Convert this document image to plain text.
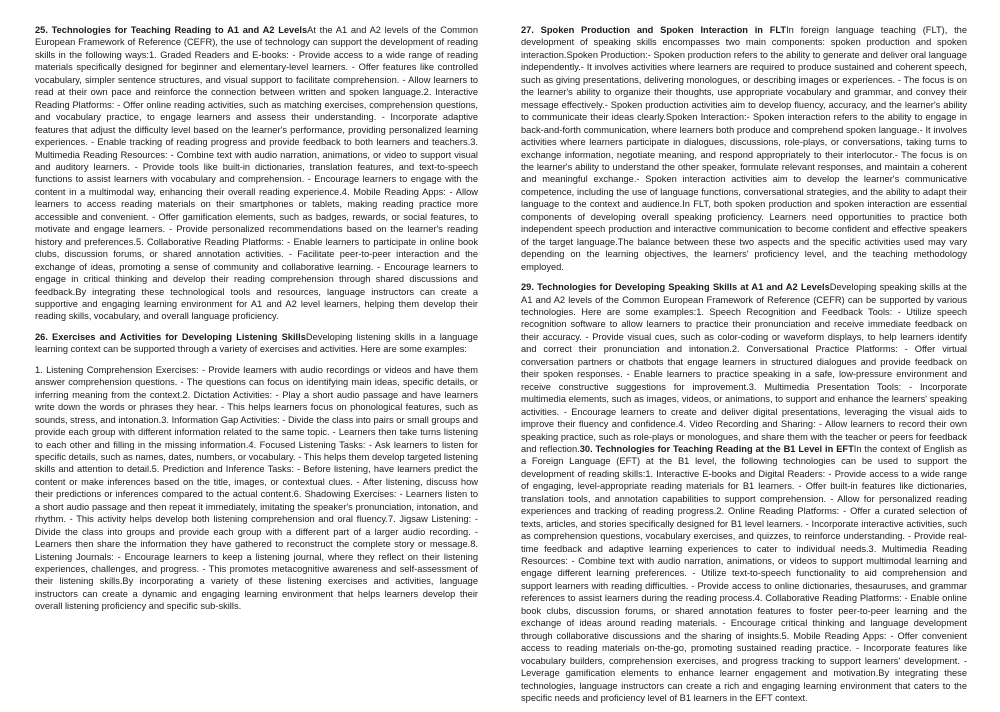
25. Technologies for Teaching Reading to A1 and A2 LevelsAt the A1 and A2 levels of the Common European Framework of Reference (CEFR), the use of technology can support the development of reading skills in the following ways:1. Graded Readers and E-books: - Provide access to a wide range of reading materials specifically designed for beginner and elementary-level learners. - Offer features like controlled vocabulary, simpler sentence structures, and visual support to facilitate comprehension. - Allow learners to read at their own pace and reinforce the connection between written and spoken language.2. Interactive Reading Platforms: - Offer online reading activities, such as matching exercises, comprehension questions, and vocabulary practice, to engage learners and assess their understanding. - Incorporate adaptive features that adjust the difficulty level based on the learner's performance, providing personalized learning experiences. - Enable tracking of reading progress and provide feedback to both learners and teachers.3. Multimedia Reading Resources: - Combine text with audio narration, animations, or video to support visual and auditory learners. - Provide tools like built-in dictionaries, translation features, and text-to-speech functions to assist learners with vocabulary and comprehension. - Encourage learners to engage with the content in a multimodal way, enhancing their overall reading experience.4. Mobile Reading Apps: - Allow learners to access reading materials on their smartphones or tablets, making reading practice more accessible and convenient. - Offer gamification elements, such as badges, rewards, or social features, to motivate and engage learners. - Provide personalized recommendations based on the learner's reading history and preferences.5. Collaborative Reading Platforms: - Enable learners to participate in online book clubs, discussion forums, or shared annotation activities. - Facilitate peer-to-peer interaction and the exchange of ideas, promoting a sense of community and collaborative learning. - Encourage learners to engage in critical thinking and develop their reading comprehension through shared discussions and feedback.By integrating these technological tools and resources, language instructors can create a supportive and engaging learning environment for A1 and A2 level learners, helping them develop their reading skills, vocabulary, and overall language proficiency.

26. Exercises and Activities for Developing Listening SkillsDeveloping listening skills in a language learning context can be supported through a variety of exercises and activities. Here are some examples:

1. Listening Comprehension Exercises: - Provide learners with audio recordings or videos and have them answer comprehension questions. - The questions can focus on identifying main ideas, specific details, or inferring meaning from the context.2. Dictation Activities: - Play a short audio passage and have learners write down the words or phrases they hear. - This helps learners focus on phonological features, such as sounds, stress, and intonation.3. Information Gap Activities: - Divide the class into pairs or small groups and provide each group with different information related to the same topic. - Learners then take turns listening to each other and filling in the missing information.4. Focused Listening Tasks: - Ask learners to listen for specific details, such as names, dates, numbers, or vocabulary. - This helps them develop targeted listening skills and attention to detail.5. Prediction and Inference Tasks: - Before listening, have learners predict the content or make inferences based on the title, images, or contextual clues. - After listening, discuss how their predictions or inferences compared to the actual content.6. Shadowing Exercises: - Learners listen to a short audio passage and then repeat it immediately, imitating the speaker's pronunciation, intonation, and rhythm. - This activity helps develop both listening comprehension and oral fluency.7. Jigsaw Listening: - Divide the class into groups and provide each group with a different part of a larger audio recording. - Learners then share the information they have gathered to reconstruct the complete story or message.8. Listening Journals: - Encourage learners to keep a listening journal, where they reflect on their listening experiences, challenges, and progress. - This promotes metacognitive awareness and self-assessment of their listening skills.By incorporating a variety of these listening exercises and activities, language instructors can create a dynamic and engaging learning environment that helps learners develop their overall listening proficiency and specific sub-skills.

27. Spoken Production and Spoken Interaction in FLTIn foreign language teaching (FLT), the development of speaking skills encompasses two main components: spoken production and spoken interaction.Spoken Production:- Spoken production refers to the ability to generate and deliver oral language independently.- It involves activities where learners are required to produce sustained and coherent speech, such as giving presentations, delivering monologues, or describing images or experiences. - The focus is on the learner's ability to organize their thoughts, use appropriate vocabulary and grammar, and convey their message effectively.- Spoken production activities aim to develop fluency, accuracy, and the learner's ability to communicate their ideas clearly.Spoken Interaction:- Spoken interaction refers to the ability to engage in back-and-forth communication, where learners both produce and comprehend spoken language.- It involves activities where learners participate in dialogues, discussions, role-plays, or conversations, taking turns to exchange information, negotiate meaning, and respond appropriately to their interlocutor.- The focus is on the learner's ability to understand the other speaker, formulate relevant responses, and maintain a coherent and meaningful exchange.- Spoken interaction activities aim to develop the learner's communicative competence, including the use of language functions, conversational strategies, and the ability to adapt their language to the context and audience.In FLT, both spoken production and spoken interaction are essential components of developing overall speaking proficiency. Learners need opportunities to practice both independent speech production and interactive communication to become confident and effective speakers of the target language.The balance between these two aspects and the specific activities used may vary depending on the learning objectives, the learners' proficiency level, and the teaching methodology employed.

29. Technologies for Developing Speaking Skills at A1 and A2 LevelsDeveloping speaking skills at the A1 and A2 levels of the Common European Framework of Reference (CEFR) can be supported by various technologies. Here are some examples:1. Speech Recognition and Feedback Tools: - Utilize speech recognition software to allow learners to practice their pronunciation and receive immediate feedback on their accuracy. - Provide visual cues, such as color-coding or waveform displays, to help learners identify and correct their pronunciation and intonation.2. Conversational Practice Platforms: - Offer virtual conversation partners or chatbots that engage learners in structured dialogues and provide feedback on their spoken responses. - Enable learners to practice speaking in a safe, low-pressure environment and receive constructive suggestions for improvement.3. Multimedia Presentation Tools: - Incorporate multimedia elements, such as images, videos, or animations, to support and enhance the learners' speaking activities. - Encourage learners to create and deliver digital presentations, leveraging the visual aids to improve their fluency and confidence.4. Video Recording and Sharing: - Allow learners to record their own speaking practice, such as role-plays or monologues, and share them with the teacher or peers for feedback and reflection.30. Technologies for Teaching Reading at the B1 Level in EFTIn the context of English as a Foreign Language (EFT) at the B1 level, the following technologies can be used to support the development of reading skills:1. Interactive E-books and Digital Readers: - Provide access to a wide range of engaging, level-appropriate reading materials for B1 learners. - Offer built-in features like dictionaries, translation tools, and annotation capabilities to support comprehension. - Allow for personalized reading experiences and tracking of reading progress.2. Online Reading Platforms: - Offer a curated selection of texts, articles, and stories specifically designed for B1 level learners. - Incorporate interactive activities, such as comprehension questions, vocabulary exercises, and quizzes, to reinforce understanding. - Provide real-time feedback and adaptive learning experiences to cater to individual needs.3. Multimedia Reading Resources: - Combine text with audio narration, animations, or videos to support multimodal learning and engage different learning preferences. - Utilize text-to-speech functionality to aid comprehension and support learners with reading difficulties. - Provide access to online dictionaries, thesauruses, and grammar references to assist learners during the reading process.4. Collaborative Reading Platforms: - Enable online book clubs, discussion forums, or shared annotation features to foster peer-to-peer learning and the exchange of ideas around reading materials. - Encourage critical thinking and language development through collaborative discussions and the sharing of insights.5. Mobile Reading Apps: - Offer convenient access to reading materials on-the-go, promoting sustained reading practice. - Incorporate features like vocabulary builders, comprehension exercises, and progress tracking to support learners' development. - Leverage gamification elements to enhance learner engagement and motivation.By integrating these technologies, language instructors can create a rich and engaging learning environment that caters to the specific needs and proficiency level of B1 learners in the EFT context.
